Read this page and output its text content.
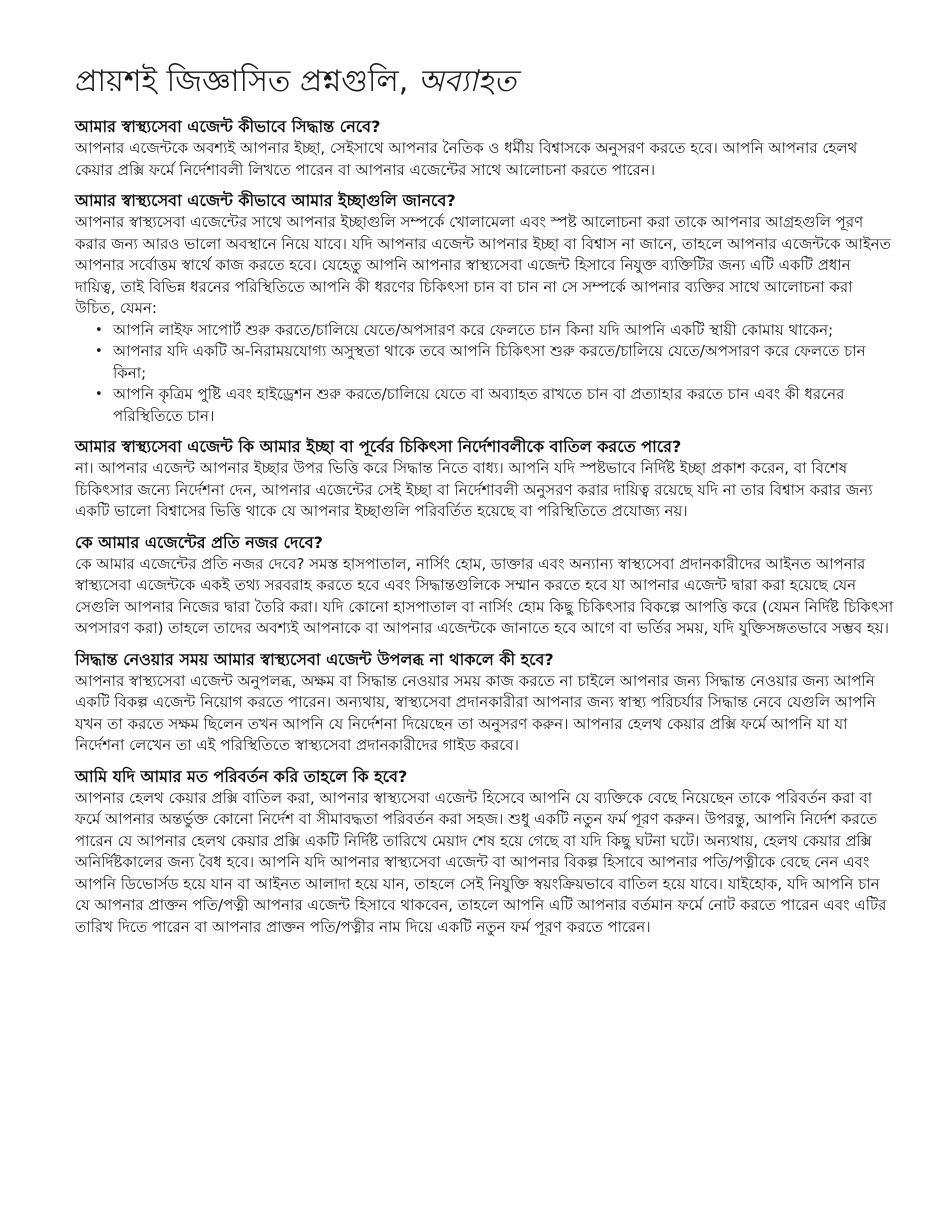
প্রায়শই জিজ্ঞাসিত প্রশ্নগুলি, অব্যাহত

আমার স্বাস্থ্যসেবা এজেন্ট কীভাবে সিদ্ধান্ত নেবে?

আপনার এজেন্টকে অবশ্যই আপনার ইচ্ছা, সেইসাথে আপনার নৈতিক ও ধর্মীয় বিশ্বাসকে অনুসরণ করতে হবে। আপনি আপনার হেলথ কেয়ার প্রক্সি ফর্মে নির্দেশাবলী লিখতে পারেন বা আপনার এজেন্টের সাথে আলোচনা করতে পারেন।

আমার স্বাস্থ্যসেবা এজেন্ট কীভাবে আমার ইচ্ছাগুলি জানবে?

আপনার স্বাস্থ্যসেবা এজেন্টের সাথে আপনার ইচ্ছাগুলি সম্পর্কে খোলামেলা এবং স্পষ্ট আলোচনা করা তাকে আপনার আগ্রহগুলি পূরণ করার জন্য আরও ভালো অবস্থানে নিয়ে যাবে। যদি আপনার এজেন্ট আপনার ইচ্ছা বা বিশ্বাস না জানে, তাহলে আপনার এজেন্টকে আইনত আপনার সর্বোত্তম স্বার্থে কাজ করতে হবে। যেহেতু আপনি আপনার স্বাস্থ্যসেবা এজেন্ট হিসাবে নিযুক্ত ব্যক্তিটির জন্য এটি একটি প্রধান দায়িত্ব, তাই বিভিন্ন ধরনের পরিস্থিতিতে আপনি কী ধরণের চিকিৎসা চান বা চান না সে সম্পর্কে আপনার ব্যক্তির সাথে আলোচনা করা উচিত, যেমন:

• আপনি লাইফ সাপোর্ট শুরু করতে/চালিয়ে যেতে/অপসারণ করে ফেলতে চান কিনা যদি আপনি একটি স্থায়ী কোমায় থাকেন;
• আপনার যদি একটি অ-নিরাময়যোগ্য অসুস্থতা থাকে তবে আপনি চিকিৎসা শুরু করতে/চালিয়ে যেতে/অপসারণ করে ফেলতে চান কিনা;
• আপনি কৃত্রিম পুষ্টি এবং হাইড্রেশন শুরু করতে/চালিয়ে যেতে বা অব্যাহত রাখতে চান বা প্রত্যাহার করতে চান এবং কী ধরনের পরিস্থিতিতে চান।

আমার স্বাস্থ্যসেবা এজেন্ট কি আমার ইচ্ছা বা পূর্বের চিকিৎসা নির্দেশাবলীকে বাতিল করতে পারে?

না। আপনার এজেন্ট আপনার ইচ্ছার উপর ভিত্তি করে সিদ্ধান্ত নিতে বাধ্য। আপনি যদি স্পষ্টভাবে নির্দিষ্ট ইচ্ছা প্রকাশ করেন, বা বিশেষ চিকিৎসার জন্যে নির্দেশনা দেন, আপনার এজেন্টের সেই ইচ্ছা বা নির্দেশাবলী অনুসরণ করার দায়িত্ব রয়েছে যদি না তার বিশ্বাস করার জন্য একটি ভালো বিশ্বাসের ভিত্তি থাকে যে আপনার ইচ্ছাগুলি পরিবর্তিত হয়েছে বা পরিস্থিতিতে প্রযোজ্য নয়।

কে আমার এজেন্টের প্রতি নজর দেবে?

কে আমার এজেন্টের প্রতি নজর দেবে? সমস্ত হাসপাতাল, নার্সিং হোম, ডাক্তার এবং অন্যান্য স্বাস্থ্যসেবা প্রদানকারীদের আইনত আপনার স্বাস্থ্যসেবা এজেন্টকে একই তথ্য সরবরাহ করতে হবে এবং সিদ্ধান্তগুলিকে সম্মান করতে হবে যা আপনার এজেন্ট দ্বারা করা হয়েছে যেন সেগুলি আপনার নিজের দ্বারা তৈরি করা। যদি কোনো হাসপাতাল বা নার্সিং হোম কিছু চিকিৎসার বিকল্পে আপত্তি করে (যেমন নির্দিষ্ট চিকিৎসা অপসারণ করা) তাহলে তাদের অবশ্যই আপনাকে বা আপনার এজেন্টকে জানাতে হবে আগে বা ভর্তির সময়, যদি যুক্তিসঙ্গতভাবে সম্ভব হয়।

সিদ্ধান্ত নেওয়ার সময় আমার স্বাস্থ্যসেবা এজেন্ট উপলব্ধ না থাকলে কী হবে?

আপনার স্বাস্থ্যসেবা এজেন্ট অনুপলব্ধ, অক্ষম বা সিদ্ধান্ত নেওয়ার সময় কাজ করতে না চাইলে আপনার জন্য সিদ্ধান্ত নেওয়ার জন্য আপনি একটি বিকল্প এজেন্ট নিয়োগ করতে পারেন। অন্যথায়, স্বাস্থ্যসেবা প্রদানকারীরা আপনার জন্য স্বাস্থ্য পরিচর্যার সিদ্ধান্ত নেবে যেগুলি আপনি যখন তা করতে সক্ষম ছিলেন তখন আপনি যে নির্দেশনা দিয়েছেন তা অনুসরণ করুন। আপনার হেলথ কেয়ার প্রক্সি ফর্মে আপনি যা যা নির্দেশনা লেখেন তা এই পরিস্থিতিতে স্বাস্থ্যসেবা প্রদানকারীদের গাইড করবে।

আমি যদি আমার মত পরিবর্তন করি তাহলে কি হবে?

আপনার হেলথ কেয়ার প্রক্সি বাতিল করা, আপনার স্বাস্থ্যসেবা এজেন্ট হিসেবে আপনি যে ব্যক্তিকে বেছে নিয়েছেন তাকে পরিবর্তন করা বা ফর্মে আপনার অন্তর্ভুক্ত কোনো নির্দেশ বা সীমাবদ্ধতা পরিবর্তন করা সহজ। শুধু একটি নতুন ফর্ম পূরণ করুন। উপরন্তু, আপনি নির্দেশ করতে পারেন যে আপনার হেলথ কেয়ার প্রক্সি একটি নির্দিষ্ট তারিখে মেয়াদ শেষ হয়ে গেছে বা যদি কিছু ঘটনা ঘটে। অন্যথায়, হেলথ কেয়ার প্রক্সি অনির্দিষ্টকালের জন্য বৈধ হবে। আপনি যদি আপনার স্বাস্থ্যসেবা এজেন্ট বা আপনার বিকল্প হিসাবে আপনার পতি/পত্নীকে বেছে নেন এবং আপনি ডিভোর্সড হয়ে যান বা আইনত আলাদা হয়ে যান, তাহলে সেই নিযুক্তি স্বয়ংক্রিয়ভাবে বাতিল হয়ে যাবে। যাইহোক, যদি আপনি চান যে আপনার প্রাক্তন পতি/পত্নী আপনার এজেন্ট হিসাবে থাকবেন, তাহলে আপনি এটি আপনার বর্তমান ফর্মে নোট করতে পারেন এবং এটির তারিখ দিতে পারেন বা আপনার প্রাক্তন পতি/পত্নীর নাম দিয়ে একটি নতুন ফর্ম পূরণ করতে পারেন।
